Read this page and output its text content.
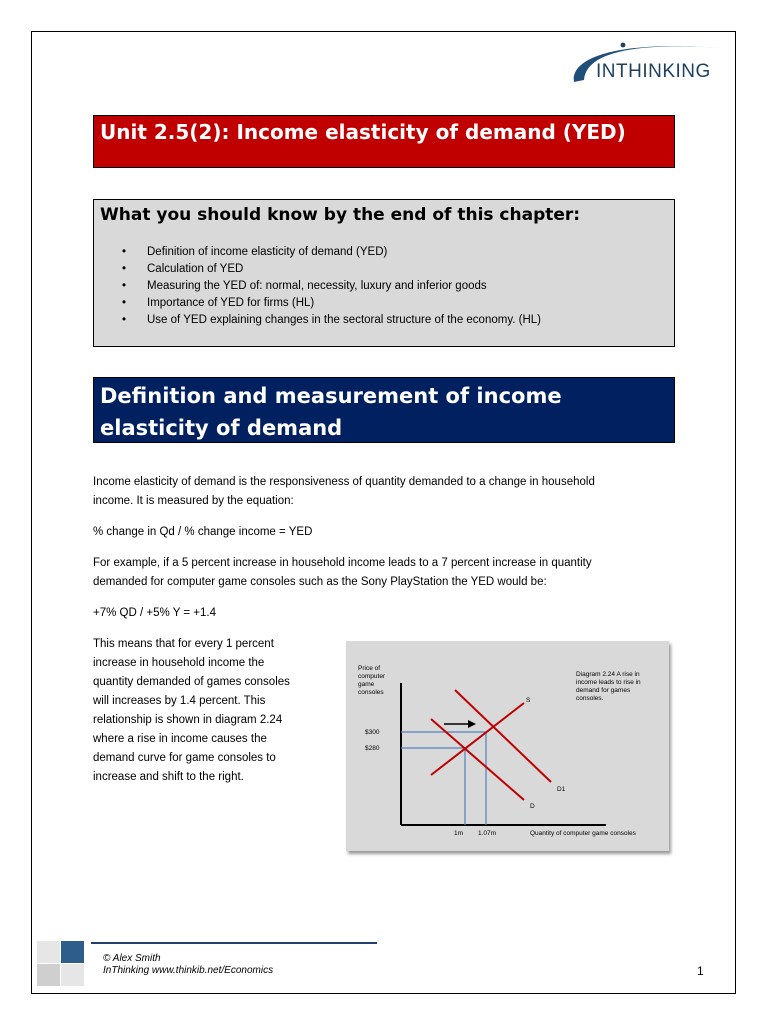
INTHINKING
Unit 2.5(2): Income elasticity of demand (YED)
What you should know by the end of this chapter:
• Definition of income elasticity of demand (YED)
• Calculation of YED
• Measuring the YED of: normal, necessity, luxury and inferior goods
• Importance of YED for firms (HL)
• Use of YED explaining changes in the sectoral structure of the economy. (HL)
Definition and measurement of income elasticity of demand
Income elasticity of demand is the responsiveness of quantity demanded to a change in household
income. It is measured by the equation:
% change in Qd / % change income = YED
For example, if a 5 percent increase in household income leads to a 7 percent increase in quantity
demanded for computer game consoles such as the Sony PlayStation the YED would be:
+7% QD / +5% Y = +1.4
This means that for every 1 percent
increase in household income the
quantity demanded of games consoles
will increases by 1.4 percent. This
relationship is shown in diagram 2.24
where a rise in income causes the
demand curve for game consoles to
increase and shift to the right.
Price of computer game consoles
Diagram 2.24 A rise in income leads to rise in demand for games consoles.
$300
$280
S
D
D1
1m 1.07m	Quantity of computer game consoles
© Alex Smith
InThinking www.thinkib.net/Economics	1
